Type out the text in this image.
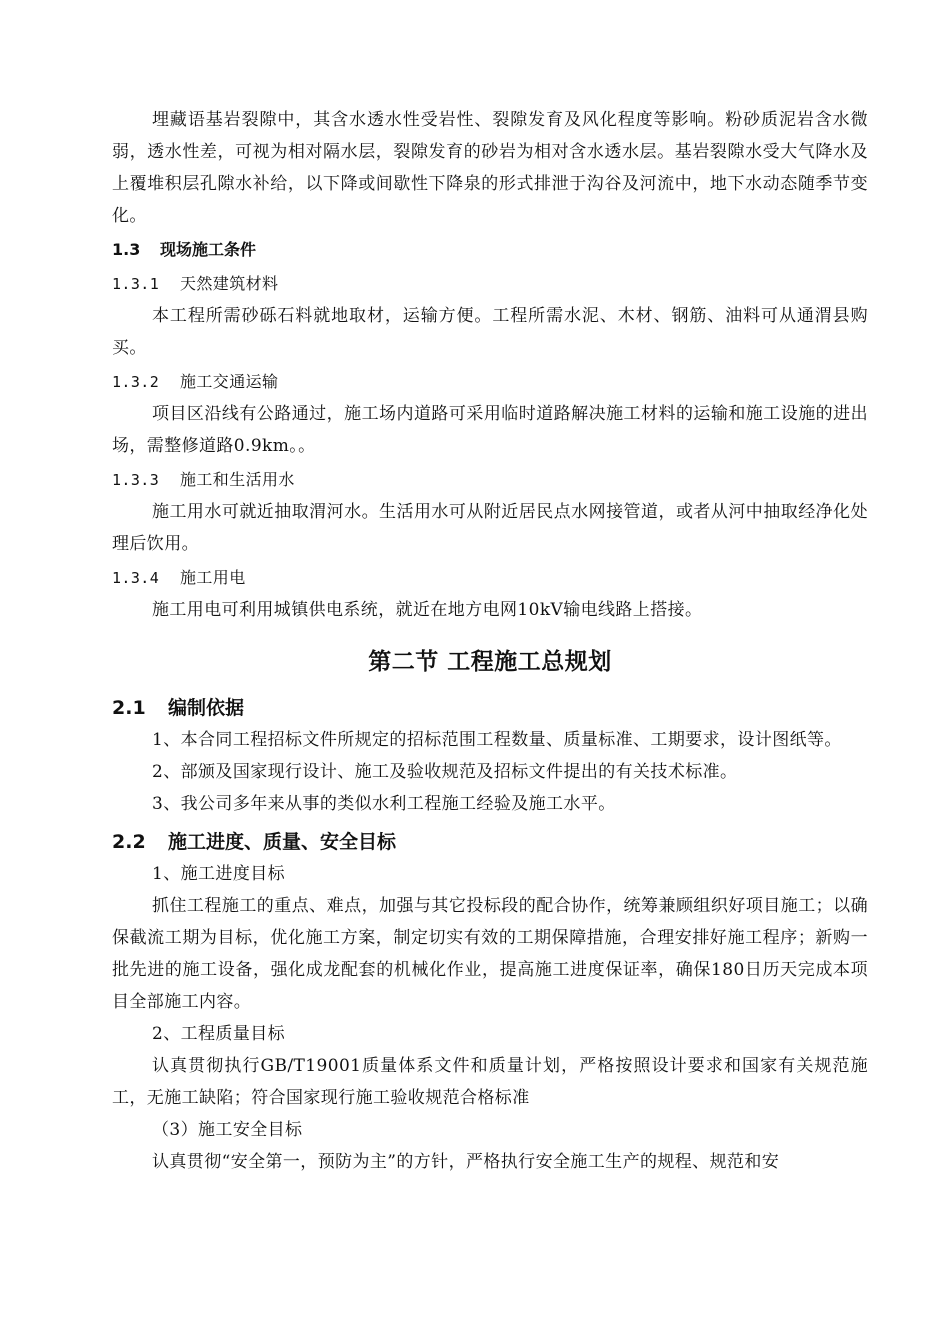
埋藏语基岩裂隙中，其含水透水性受岩性、裂隙发育及风化程度等影响。粉砂质泥岩含水微弱，透水性差，可视为相对隔水层，裂隙发育的砂岩为相对含水透水层。基岩裂隙水受大气降水及上覆堆积层孔隙水补给，以下降或间歇性下降泉的形式排泄于沟谷及河流中，地下水动态随季节变化。

1.3 现场施工条件
1.3.1 天然建筑材料

本工程所需砂砾石料就地取材，运输方便。工程所需水泥、木材、钢筋、油料可从通渭县购买。

1.3.2 施工交通运输

项目区沿线有公路通过，施工场内道路可采用临时道路解决施工材料的运输和施工设施的进出场，需整修道路0.9km。。

1.3.3 施工和生活用水

施工用水可就近抽取渭河水。生活用水可从附近居民点水网接管道，或者从河中抽取经净化处理后饮用。

1.3.4 施工用电

施工用电可利用城镇供电系统，就近在地方电网10kV输电线路上搭接。

第二节 工程施工总规划
2.1 编制依据

1、本合同工程招标文件所规定的招标范围工程数量、质量标准、工期要求，设计图纸等。

2、部颁及国家现行设计、施工及验收规范及招标文件提出的有关技术标准。

3、我公司多年来从事的类似水利工程施工经验及施工水平。

2.2 施工进度、质量、安全目标

1、施工进度目标

抓住工程施工的重点、难点，加强与其它投标段的配合协作，统筹兼顾组织好项目施工；以确保截流工期为目标，优化施工方案，制定切实有效的工期保障措施，合理安排好施工程序；新购一批先进的施工设备，强化成龙配套的机械化作业，提高施工进度保证率，确保180日历天完成本项目全部施工内容。

2、工程质量目标

认真贯彻执行GB/T19001质量体系文件和质量计划，严格按照设计要求和国家有关规范施工，无施工缺陷；符合国家现行施工验收规范合格标准

（3）施工安全目标

认真贯彻“安全第一，预防为主”的方针，严格执行安全施工生产的规程、规范和安
